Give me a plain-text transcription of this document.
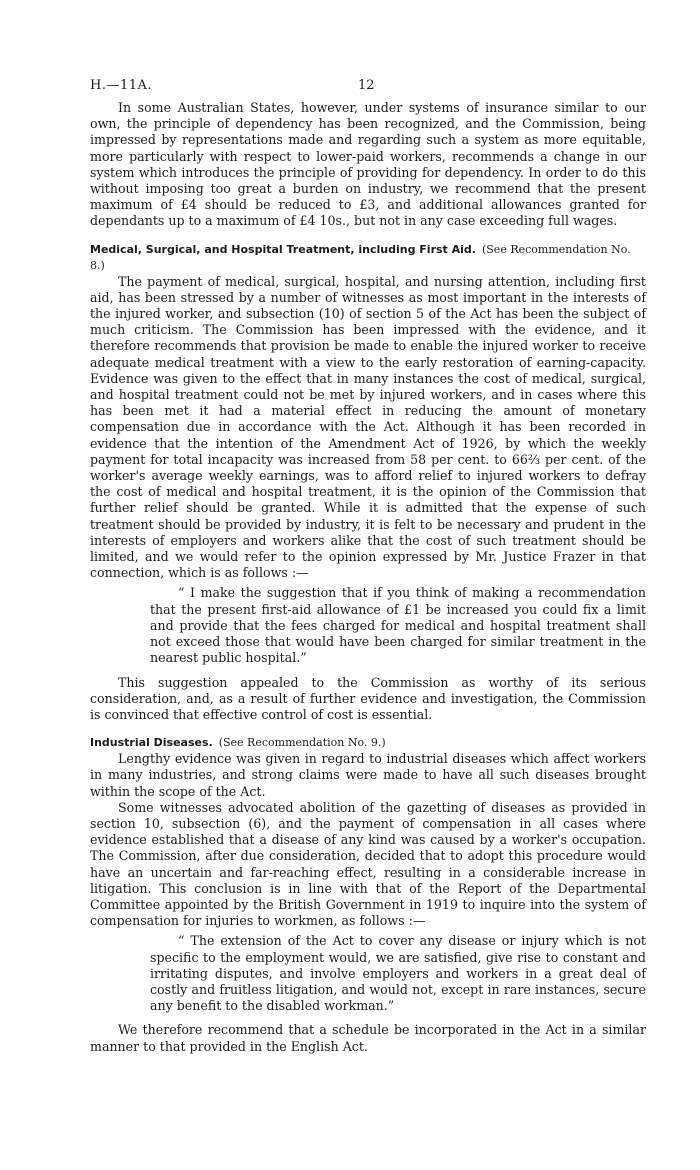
H.—11A.	12

In some Australian States, however, under systems of insurance similar to our own, the principle of dependency has been recognized, and the Commission, being impressed by representations made and regarding such a system as more equitable, more particularly with respect to lower-paid workers, recommends a change in our system which introduces the principle of providing for dependency. In order to do this without imposing too great a burden on industry, we recommend that the present maximum of £4 should be reduced to £3, and additional allowances granted for dependants up to a maximum of £4 10s., but not in any case exceeding full wages.

Medical, Surgical, and Hospital Treatment, including First Aid. (See Recommendation No. 8.)

The payment of medical, surgical, hospital, and nursing attention, including first aid, has been stressed by a number of witnesses as most important in the interests of the injured worker, and subsection (10) of section 5 of the Act has been the subject of much criticism. The Commission has been impressed with the evidence, and it therefore recommends that provision be made to enable the injured worker to receive adequate medical treatment with a view to the early restoration of earning-capacity. Evidence was given to the effect that in many instances the cost of medical, surgical, and hospital treatment could not be met by injured workers, and in cases where this has been met it had a material effect in reducing the amount of monetary compensation due in accordance with the Act. Although it has been recorded in evidence that the intention of the Amendment Act of 1926, by which the weekly payment for total incapacity was increased from 58 per cent. to 66⅔ per cent. of the worker's average weekly earnings, was to afford relief to injured workers to defray the cost of medical and hospital treatment, it is the opinion of the Commission that further relief should be granted. While it is admitted that the expense of such treatment should be provided by industry, it is felt to be necessary and prudent in the interests of employers and workers alike that the cost of such treatment should be limited, and we would refer to the opinion expressed by Mr. Justice Frazer in that connection, which is as follows :—

“ I make the suggestion that if you think of making a recommendation that the present first-aid allowance of £1 be increased you could fix a limit and provide that the fees charged for medical and hospital treatment shall not exceed those that would have been charged for similar treatment in the nearest public hospital.”

This suggestion appealed to the Commission as worthy of its serious consideration, and, as a result of further evidence and investigation, the Commission is convinced that effective control of cost is essential.

Industrial Diseases. (See Recommendation No. 9.)

Lengthy evidence was given in regard to industrial diseases which affect workers in many industries, and strong claims were made to have all such diseases brought within the scope of the Act.

Some witnesses advocated abolition of the gazetting of diseases as provided in section 10, subsection (6), and the payment of compensation in all cases where evidence established that a disease of any kind was caused by a worker's occupation. The Commission, after due consideration, decided that to adopt this procedure would have an uncertain and far-reaching effect, resulting in a considerable increase in litigation. This conclusion is in line with that of the Report of the Departmental Committee appointed by the British Government in 1919 to inquire into the system of compensation for injuries to workmen, as follows :—

“ The extension of the Act to cover any disease or injury which is not specific to the employment would, we are satisfied, give rise to constant and irritating disputes, and involve employers and workers in a great deal of costly and fruitless litigation, and would not, except in rare instances, secure any benefit to the disabled workman.”

We therefore recommend that a schedule be incorporated in the Act in a similar manner to that provided in the English Act.
